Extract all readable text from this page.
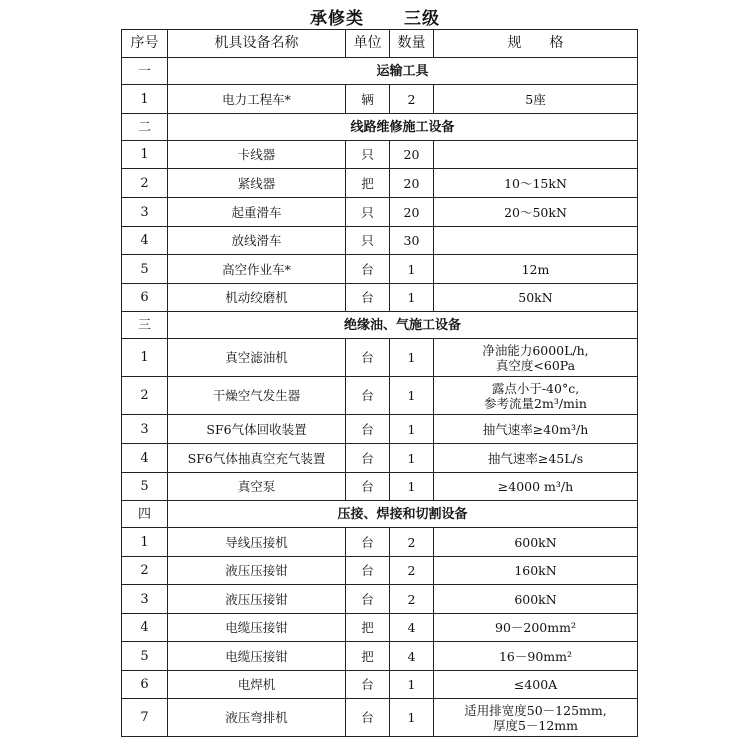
承修类 三级
序号	机具设备名称	单位	数量	规　　格
一	运输工具			
1	电力工程车*	辆	2	5座

二	线路维修施工设备			
1	卡线器	只	20	

2	紧线器	把	20	10～15kN

3	起重滑车	只	20	20～50kN

4	放线滑车	只	30	

5	高空作业车*	台	1	12m

6	机动绞磨机	台	1	50kN

三	绝缘油、气施工设备			
1	真空滤油机	台	1	净油能力6000L/h,
真空度<60Pa

2	干燥空气发生器	台	1	露点小于-40°c,
参考流量2m³/min

3	SF6气体回收装置	台	1	抽气速率≥40m³/h

4	SF6气体抽真空充气装置	台	1	抽气速率≥45L/s

5	真空泵	台	1	≥4000 m³/h

四	压接、焊接和切割设备			
1	导线压接机	台	2	600kN

2	液压压接钳	台	2	160kN

3	液压压接钳	台	2	600kN

4	电缆压接钳	把	4	90－200mm²

5	电缆压接钳	把	4	16－90mm²

6	电焊机	台	1	≤400A

7	液压弯排机	台	1	适用排宽度50－125mm,
厚度5－12mm
